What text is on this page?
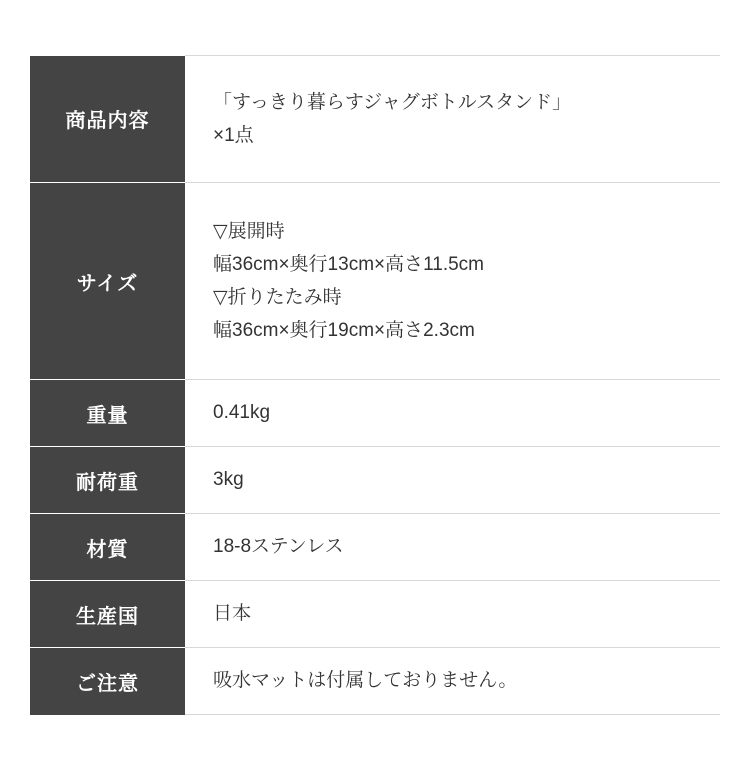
商品内容	「すっきり暮らすジャグボトルスタンド」
×1点

サイズ	▽展開時
幅36cm×奥行13cm×高さ11.5cm
▽折りたたみ時
幅36cm×奥行19cm×高さ2.3cm

重量	0.41kg

耐荷重	3kg

材質	18-8ステンレス

生産国	日本

ご注意	吸水マットは付属しておりません。
